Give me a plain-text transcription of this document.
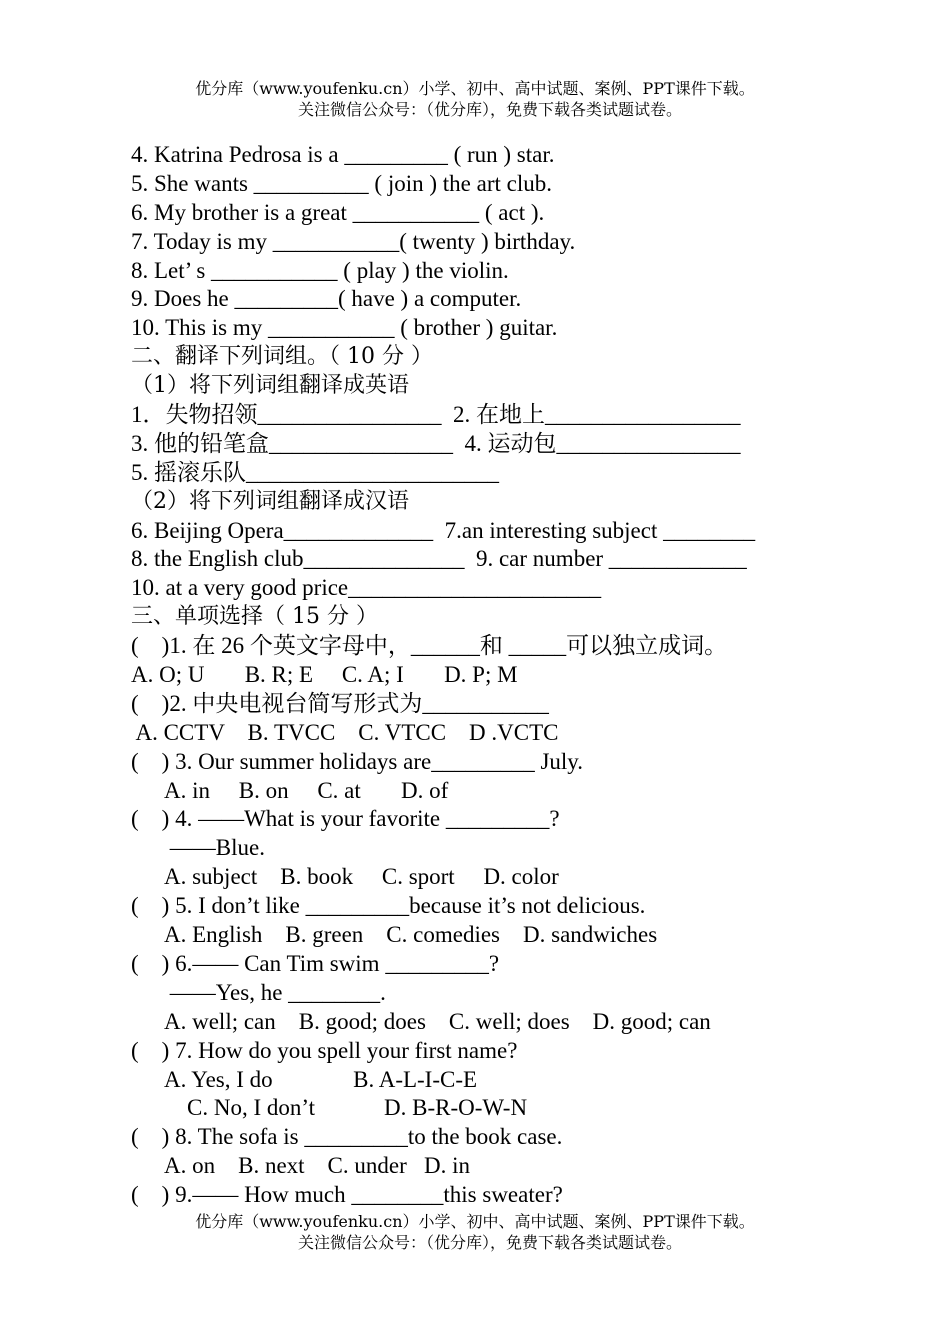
优分库（www.youfenku.cn）小学、初中、高中试题、案例、PPT课件下载。
关注微信公众号：（优分库），免费下载各类试题试卷。
4. Katrina Pedrosa is a _________ ( run ) star.
5. She wants __________ ( join ) the art club.
6. My brother is a great ___________ ( act ).
7. Today is my ___________( twenty ) birthday.
8. Let’ s ___________ ( play ) the violin.
9. Does he _________( have ) a computer.
10. This is my ___________ ( brother ) guitar.
二、翻译下列词组。（ 10 分 ）
（1）将下列词组翻译成英语
1．失物招领________________  2. 在地上_________________
3. 他的铅笔盒________________  4. 运动包________________
5. 摇滚乐队______________________
（2）将下列词组翻译成汉语
6. Beijing Opera_____________  7.an interesting subject ________
8. the English club______________  9. car number ____________
10. at a very good price______________________
三、单项选择（ 15 分 ）
(    )1. 在 26 个英文字母中，______和 _____可以独立成词。
A. O; U       B. R; E     C. A; I       D. P; M
(    )2. 中央电视台简写形式为___________
A. CCTV    B. TVCC    C. VTCC    D .VCTC
(    ) 3. Our summer holidays are_________ July.
A. in     B. on     C. at       D. of
(    ) 4. ——What is your favorite _________?
——Blue.
A. subject    B. book     C. sport     D. color
(    ) 5. I don’t like _________because it’s not delicious.
A. English    B. green    C. comedies    D. sandwiches
(    ) 6.—— Can Tim swim _________?
——Yes, he ________.
A. well; can    B. good; does    C. well; does    D. good; can
(    ) 7. How do you spell your first name?
A. Yes, I do              B. A-L-I-C-E
C. No, I don’t            D. B-R-O-W-N
(    ) 8. The sofa is _________to the book case.
A. on    B. next    C. under   D. in
(    ) 9.—— How much ________this sweater?
优分库（www.youfenku.cn）小学、初中、高中试题、案例、PPT课件下载。
关注微信公众号：（优分库），免费下载各类试题试卷。
